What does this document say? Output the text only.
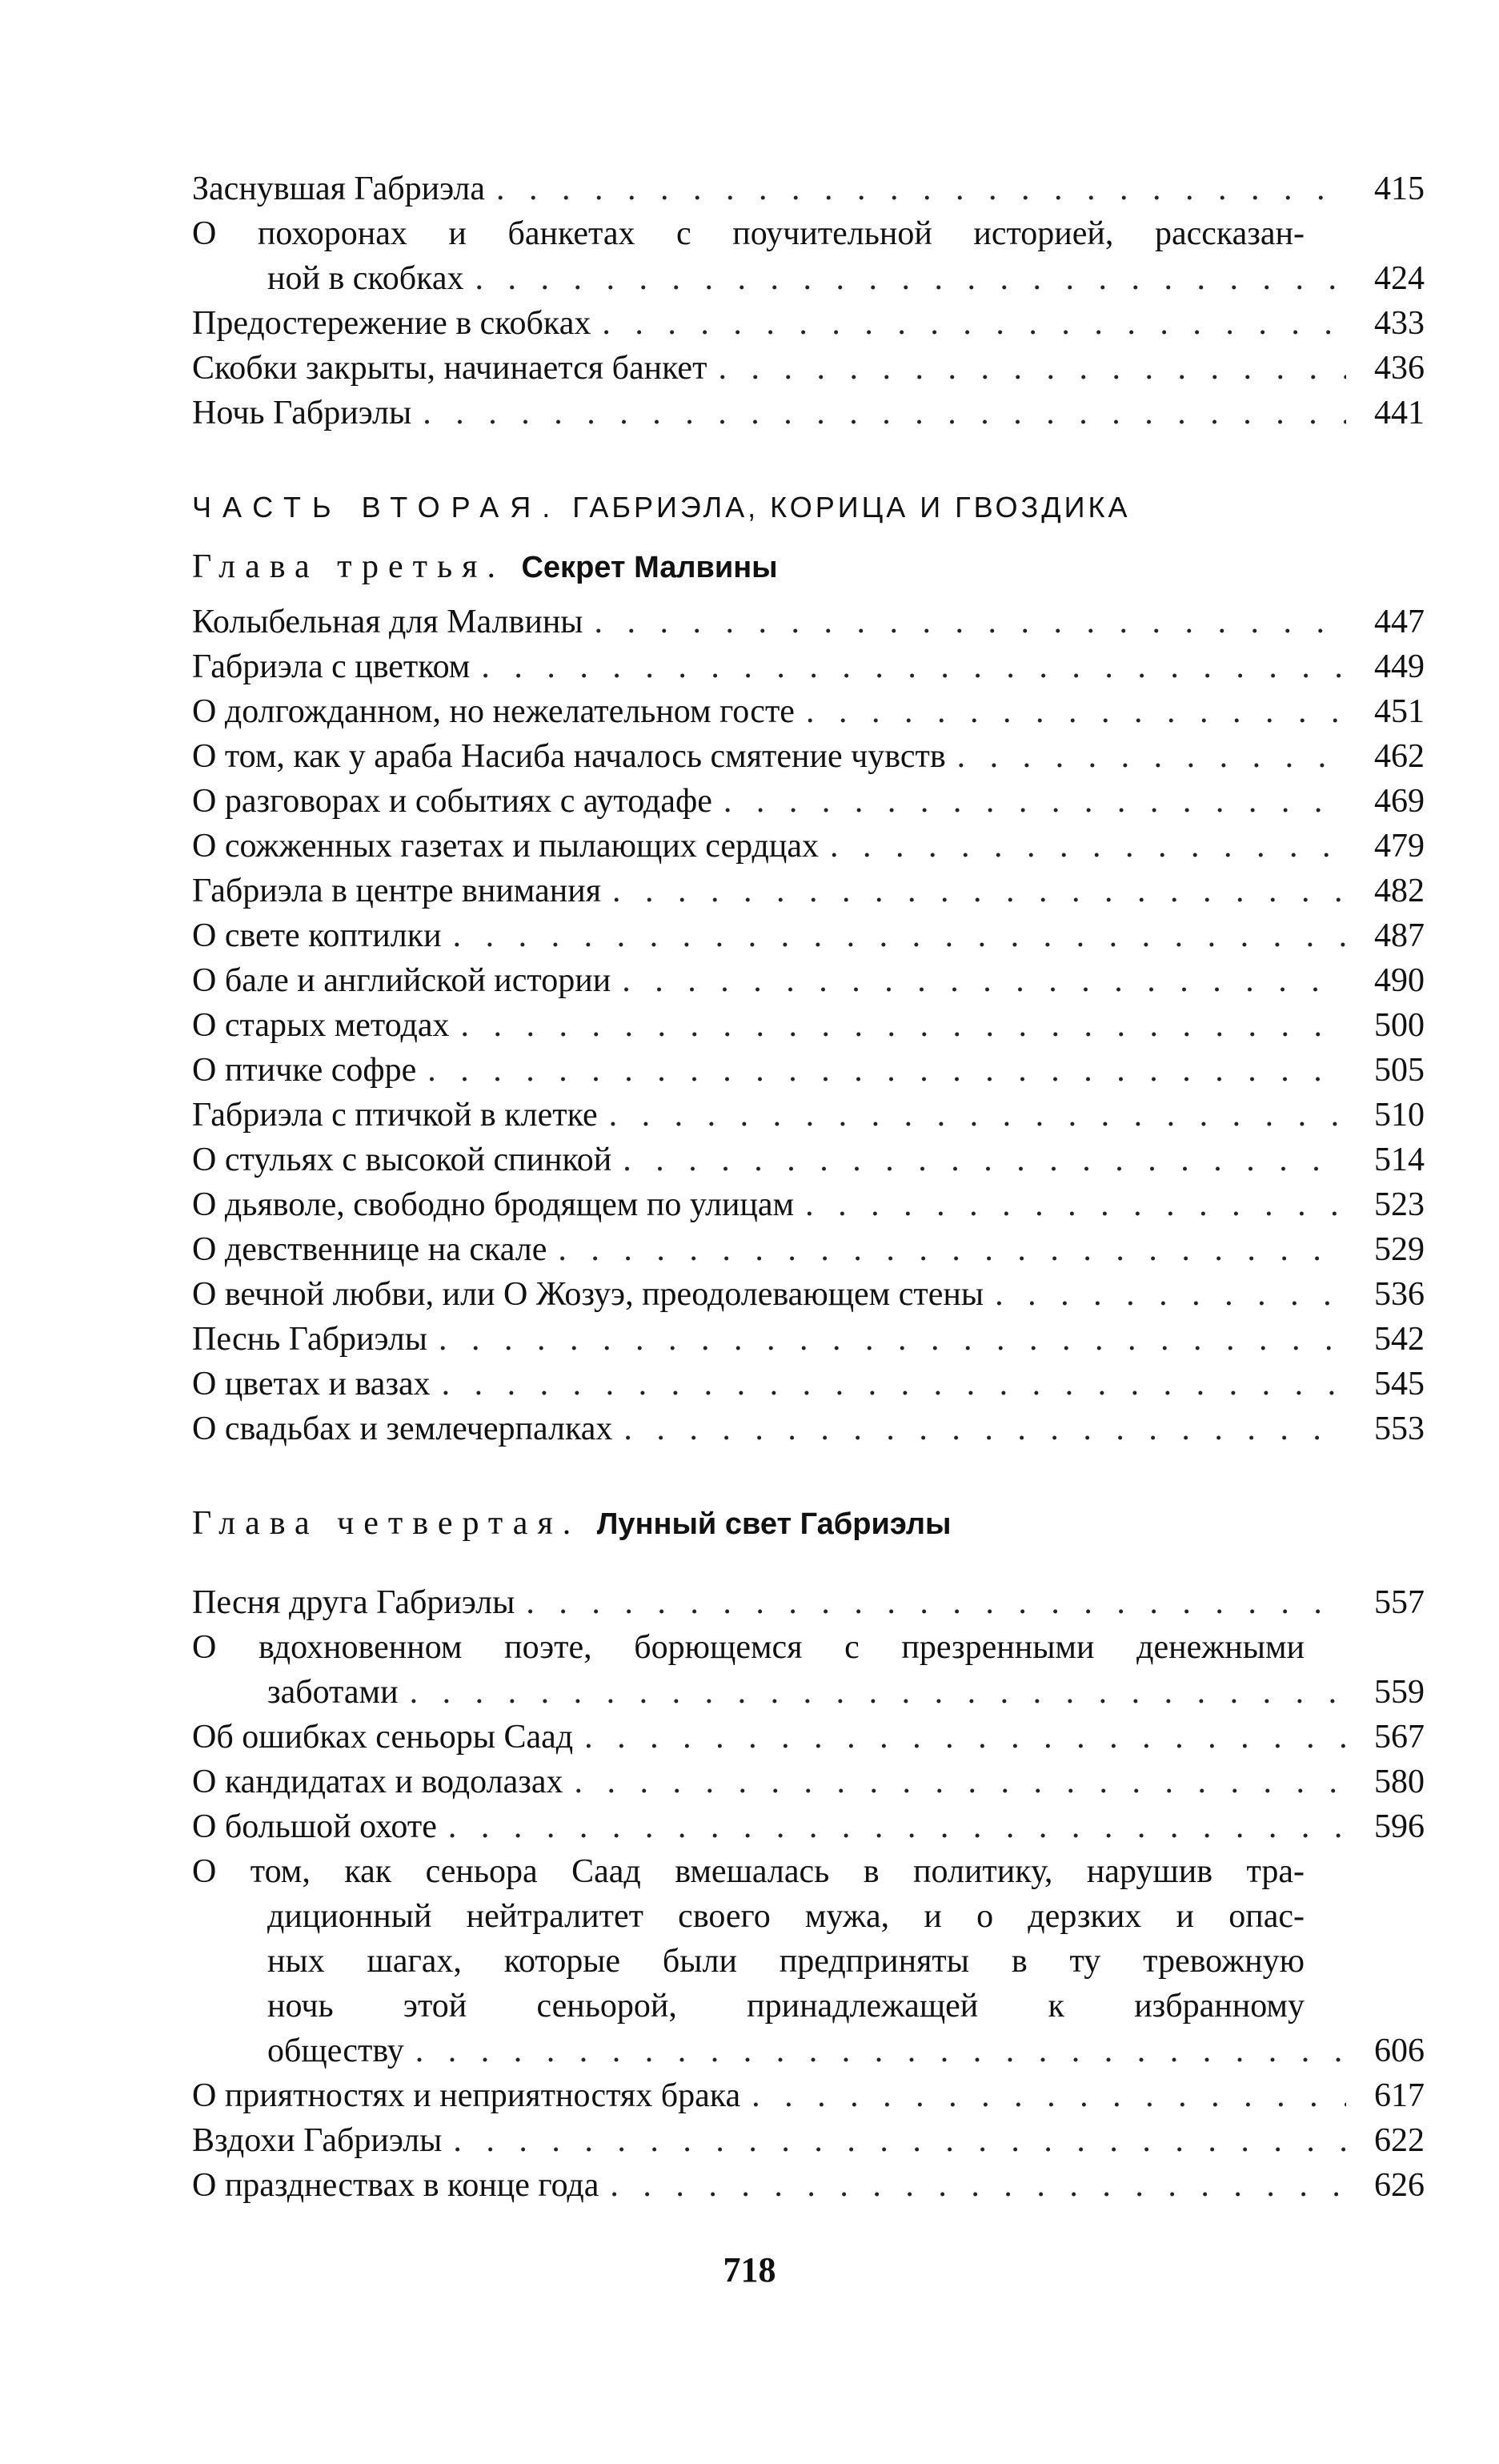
Заснувшая Габриэла . . .	415
О похоронах и банкетах с поучительной историей, рассказан-
ной в скобках . . .	424
Предостережение в скобках . . .	433
Скобки закрыты, начинается банкет . . .	436
Ночь Габриэлы . . .	441
ЧАСТЬ ВТОРАЯ. ГАБРИЭЛА, КОРИЦА И ГВОЗДИКА
Глава третья. Секрет Малвины
Колыбельная для Малвины . . .	447
Габриэла с цветком . . .	449
О долгожданном, но нежелательном госте . . .	451
О том, как у араба Насиба началось смятение чувств . . .	462
О разговорах и событиях с аутодафе . . .	469
О сожженных газетах и пылающих сердцах . . .	479
Габриэла в центре внимания . . .	482
О свете коптилки . . .	487
О бале и английской истории . . .	490
О старых методах . . .	500
О птичке софре . . .	505
Габриэла с птичкой в клетке . . .	510
О стульях с высокой спинкой . . .	514
О дьяволе, свободно бродящем по улицам . . .	523
О девственнице на скале . . .	529
О вечной любви, или О Жозуэ, преодолевающем стены . . .	536
Песнь Габриэлы . . .	542
О цветах и вазах . . .	545
О свадьбах и землечерпалках . . .	553
Глава четвертая. Лунный свет Габриэлы
Песня друга Габриэлы . . .	557
О вдохновенном поэте, борющемся с презренными денежными
заботами . . .	559
Об ошибках сеньоры Саад . . .	567
О кандидатах и водолазах . . .	580
О большой охоте . . .	596
О том, как сеньора Саад вмешалась в политику, нарушив тра-
диционный нейтралитет своего мужа, и о дерзких и опас-
ных шагах, которые были предприняты в ту тревожную
ночь этой сеньорой, принадлежащей к избранному
обществу . . .	606
О приятностях и неприятностях брака . . .	617
Вздохи Габриэлы . . .	622
О празднествах в конце года . . .	626
718
